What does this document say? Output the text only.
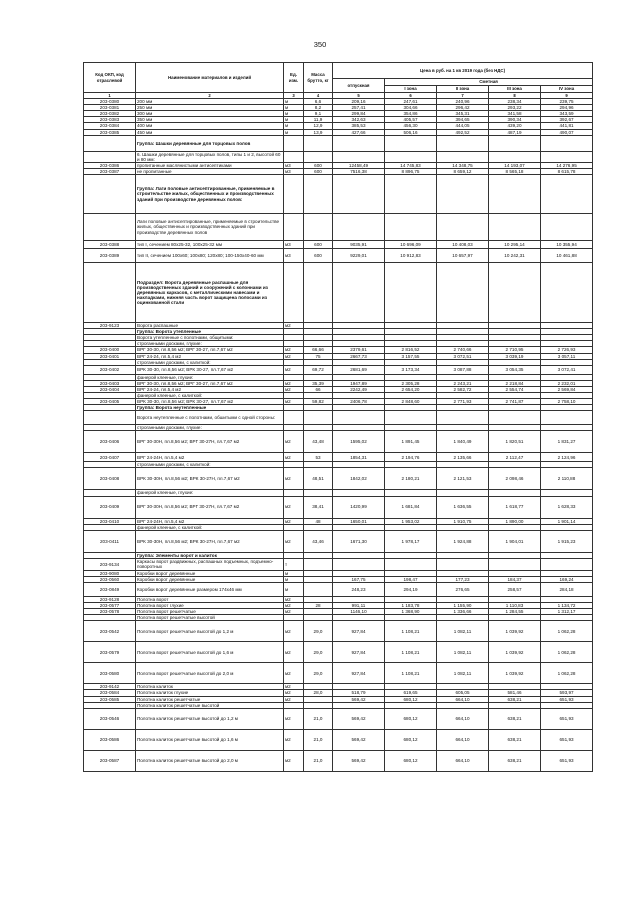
350
Код ОКП, код отраслевой	Наименование материалов и изделий	Ед. изм.	Масса брутто, кг	Цена в руб. на 1 кв 2019 года (без НДС)				
				отпускная	Сметная			
					I зона	II зона	III зона	IV зона
1	2	3	4	5	6	7	8	9
203-0380	200 мм	м	6,6	209,16	247,61	240,96	238,34	239,75
203-0381	250 мм	м	8,2	257,41	304,66	296,42	293,22	294,96
203-0382	300 мм	м	9,1	299,84	354,86	345,31	341,58	343,59
203-0383	350 мм	м	11,9	342,63	405,57	394,65	390,34	392,67
203-0384	400 мм	м	12,9	385,53	456,30	444,05	439,20	441,81
203-0385	450 мм	м	13,9	427,66	506,16	492,52	487,19	490,07
	Группа: Шашки деревянные для торцовых полов							
	6. Шашки деревянные для торцовых полов, типы 1 и 2, высотой 60 и 80 мм:							
203-0386	пропитанные маслянистыми антисептиками	м3	600	12458,49	14 745,83	14 348,75	14 193,07	14 276,95
203-0387	не пропитанные	м3	600	7516,38	8 896,75	8 659,12	8 565,18	8 615,78
	Группа: Лаги половые антисептированные, применяемые в строительстве жилых, общественных и производственных зданий при производстве деревянных полов:							
	Лаги половые антисептированные, применяемые в строительстве жилых, общественных и производственных зданий при производстве деревянных полов							
203-0388	тип I, сечением 80х25-32, 100х25-32 мм	м3	600	9035,91	10 696,09	10 408,03	10 295,14	10 355,94
203-0389	тип II, сечением 100х60; 100х80; 120х80; 100-150х40-60 мм	м3	600	9229,01	10 912,83	10 657,97	10 242,31	10 461,88
	Подраздел: Ворота деревянные распашные для производственных зданий и сооружений с колоннами из деревянных каркасов, с металлическими навесами и накладками, нижняя часть ворот защищена полосами из оцинкованной стали							
203-9123	Ворота распашные	м2						
	Группа: Ворота утепленные							
	Ворота утепленные с полотнами, общитыми:							
	строганными досками, глухие:							
203-0400	ВРГ 30-30, пл.8,56 м2; ВРГ 30-27, пл.7,67 м2	м2	66,66	2379,61	2 816,52	2 740,66	2 710,95	2 726,93
203-0401	ВРГ 24-24, пл.5,4 м2	м2	75	2667,73	3 157,55	3 072,51	3 039,19	3 057,11
	строганными досками, с калиткой:							
203-0402	ВРК 30-30, пл.8,56 м2; ВРК 30-27, пл.7,67 м2	м2	69,72	2681,69	3 173,34	3 087,88	3 054,35	3 072,41
	фанерой клееные, глухие:							
203-0403	ВРГ 30-30, пл.8,56 м2; ВРГ 30-27, пл.7,67 м2	м2	35,39	1947,89	2 305,28	2 243,21	2 218,84	2 232,01
203-0404	ВРГ 24-24, пл.5,4 м2	м2	66	2242,49	2 654,20	2 582,72	2 554,74	2 569,84
	фанерой клееные, с калиткой:							
203-0405	ВРК 30-30, пл.8,56 м2; ВРК 30-27, пл.7,67 м2	м2	59,82	2406,78	2 848,60	2 771,93	2 741,87	2 758,10
	Группа: Ворота неутепленные							
	Ворота неутепленные с полотнами, обшитыми с одной стороны:							
	строганными досками, глухие:							
203-0406	ВРГ 30-30Н, пл.8,56 м2; ВРГ 30-27Н, пл.7,67 м2	м2	43,48	1595,02	1 891,45	1 840,49	1 820,51	1 831,27
203-0407	ВРГ 24-24Н, пл.5,4 м2	м2	53	1854,31	2 194,76	2 135,66	2 112,47	2 124,96
	строганными досками, с калиткой:							
203-0408	ВРК 30-30Н, пл.8,56 м2; ВРК 30-27Н, пл.7,67 м2	м2	48,51	1842,02	2 180,21	2 121,53	2 098,46	2 110,88
	фанерой клееные, глухие:							
203-0409	ВРГ 30-30Н, пл.8,56 м2; ВРГ 30-27Н, пл.7,67 м2	м2	38,41	1420,99	1 681,84	1 636,55	1 618,77	1 628,33
203-0410	ВРГ 24-24Н, пл.5,4 м2	м2	48	1650,01	1 953,02	1 910,75	1 890,00	1 901,14
	фанерой клееные, с калиткой:							
203-0411	ВРК 30-30Н, пл.8,56 м2; ВРК 30-27Н, пл.7,67 м2	м2	43,46	1671,30	1 978,17	1 924,88	1 904,01	1 915,23
	Группа: Элементы ворот и калиток							
203-9134	Каркасы ворот раздвижных, распашных подъемных, подъемно-поворотных	т						
203-9080	Коробки ворот деревянные	м						
203-0560	Коробки ворот деревянные	м		167,75	198,47	177,23	184,37	169,24
203-0849	Коробки ворот деревянные размером 174х46 мм	м		248,23	294,19	276,65	258,57	284,18
203-9128	Полотна ворот	м2						
203-0577	Полотна ворот глухие	м2	28	991,11	1 183,78	1 155,90	1 110,83	1 134,72
203-0578	Полотна ворот решетчатые	м2		1146,10	1 368,90	1 336,66	1 284,55	1 312,17
	Полотна ворот решетчатые высотой							
203-0542	Полотна ворот решетчатые высотой до 1,2 м	м2	29,0	927,84	1 108,21	1 082,11	1 039,92	1 062,28
203-0579	Полотна ворот решетчатые высотой до 1,6 м	м2	29,0	927,84	1 108,21	1 082,11	1 039,92	1 062,28
203-0580	Полотна ворот решетчатые высотой до 2,0 м	м2	29,0	927,84	1 108,21	1 082,11	1 039,92	1 062,28
203-9142	Полотна калиток	м2						
203-0584	Полотна калиток глухие	м2	28,0	518,79	619,65	605,05	581,46	593,97
203-0585	Полотна калиток решетчатые	м2		569,42	680,12	664,10	638,21	651,93
	Полотна калиток решетчатые высотой							
203-0546	Полотна калиток решетчатые высотой до 1,2 м	м2	21,0	569,42	680,12	664,10	638,21	651,93
203-0586	Полотна калиток решетчатые высотой до 1,6 м	м2	21,0	569,42	680,12	664,10	638,21	651,93
203-0587	Полотна калиток решетчатые высотой до 2,0 м	м2	21,0	569,42	680,12	664,10	638,21	651,93
